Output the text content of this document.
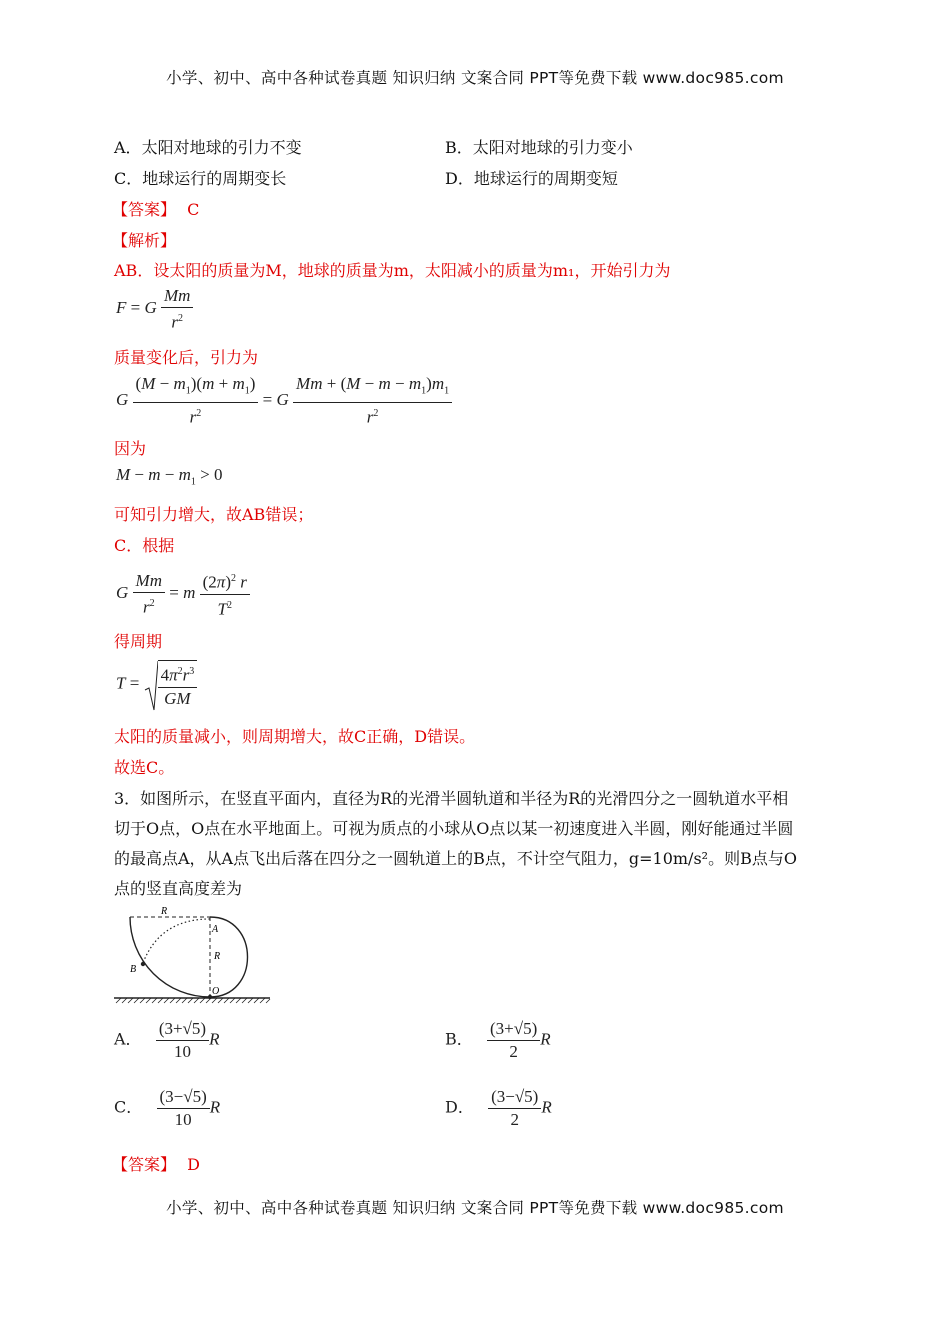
小学、初中、高中各种试卷真题 知识归纳 文案合同 PPT等免费下载 www.doc985.com
A．太阳对地球的引力不变	B．太阳对地球的引力变小
C．地球运行的周期变长	D．地球运行的周期变短
【答案】 C
【解析】
AB．设太阳的质量为M，地球的质量为m，太阳减小的质量为m₁，开始引力为
F = G $\frac{Mm}{r^2}$
质量变化后，引力为
G $\frac{(M - m_1)(m + m_1)}{r^2} = G \frac{Mm + (M - m - m_1)m_1}{r^2}$
因为
$M - m - m_1 > 0$
可知引力增大，故AB错误；
C．根据
G $\frac{Mm}{r^2} = m \frac{(2\pi)^2 r}{T^2}$
得周期
$T = \frac{4\pi^2r^3}{GM}$
太阳的质量减小，则周期增大，故C正确，D错误。
故选C。
3．如图所示，在竖直平面内，直径为R的光滑半圆轨道和半径为R的光滑四分之一圆轨道水平相
切于O点，O点在水平地面上。可视为质点的小球从O点以某一初速度进入半圆，刚好能通过半圆
的最高点A，从A点飞出后落在四分之一圆轨道上的B点，不计空气阻力，g=10m/s²。则B点与O
点的竖直高度差为
R
A
R
B
O
A． $\frac{(3+√5)}{10}$ R	B． $\frac{(3+√5)}{2}$ R
C． $\frac{(3-√5)}{10}$ R	D． $\frac{(3-√5)}{2}$ R
【答案】 D
小学、初中、高中各种试卷真题 知识归纳 文案合同 PPT等免费下载 www.doc985.com
